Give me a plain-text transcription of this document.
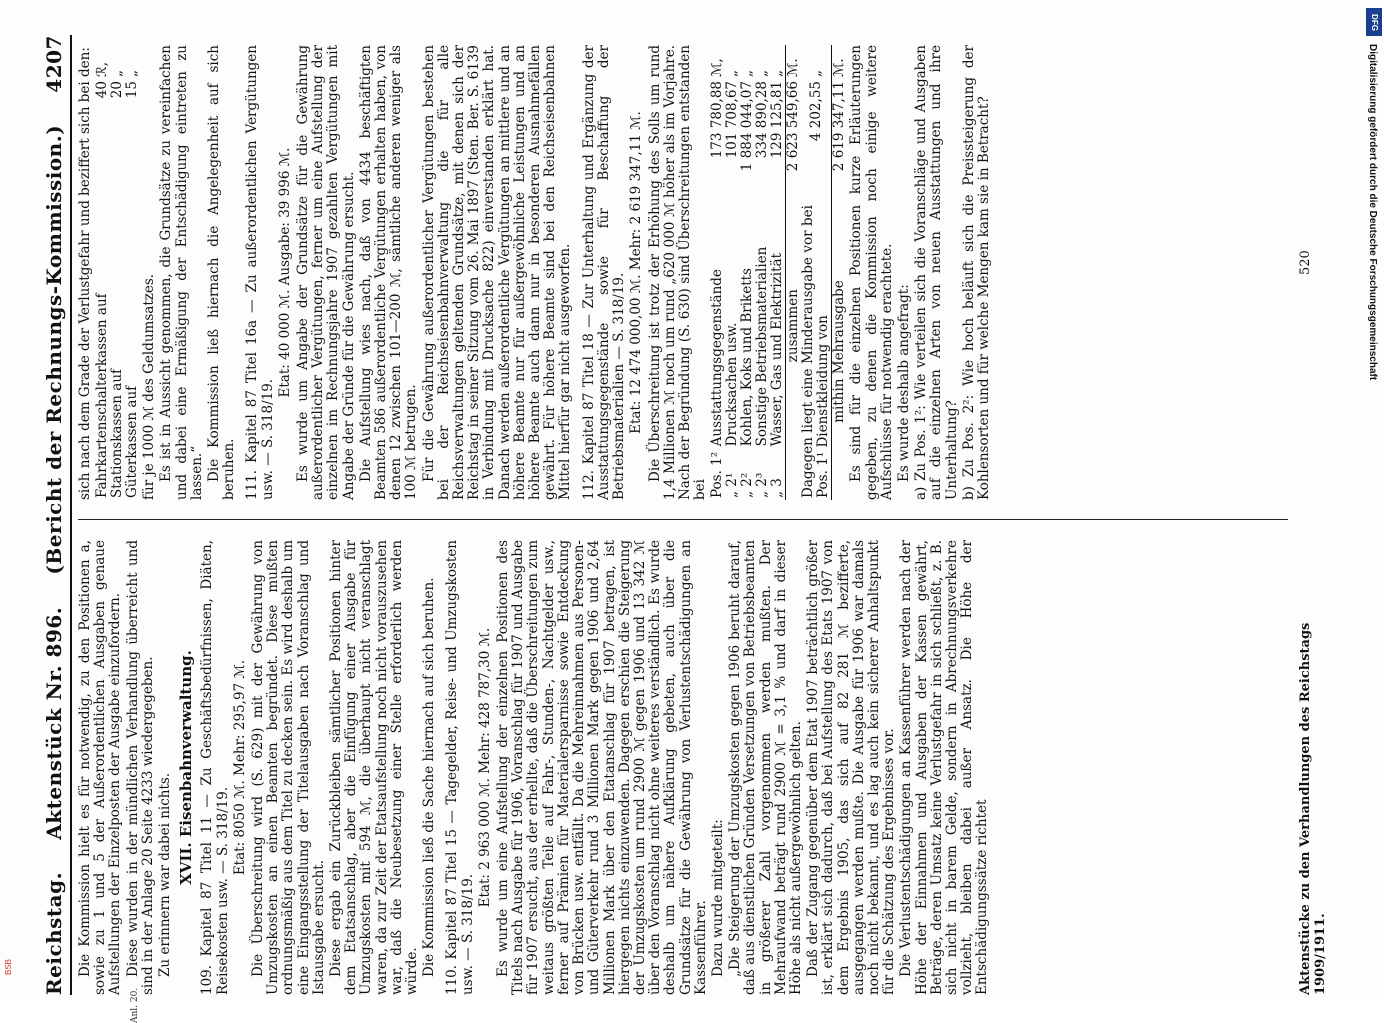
Reichstag.
Aktenstück Nr. 896.
(Bericht der Rechnungs-Kommission.)
4207

Die Kommission hielt es für notwendig, zu den Positionen a, sowie zu 1 und 5 der Außerordentlichen Ausgaben genaue Aufstellungen der Einzelposten der Ausgabe einzufordern. Diese wurden in der mündlichen Verhandlung überreicht und sind in der Anlage 20 Seite 4233 wiedergegeben. Zu erinnern war dabei nichts. XVII. Eisenbahnverwaltung. 109. Kapitel 87 Titel 11 — Zu Geschäftsbedürfnissen, Diäten, Reisekosten usw. — S. 318/19.

Etat: 8050 ℳ. Mehr: 295,97 ℳ. Die Überschreitung wird (S. 629) mit der Gewährung von Umzugskosten an einen Beamten begründet. Diese mußten ordnungsmäßig aus dem Titel zu decken sein. Es wird deshalb um eine Eingangsstellung der Titelausgaben nach Voranschlag und Istausgabe ersucht. Diese ergab ein Zurückbleiben sämtlicher Positionen hinter dem Etatsanschlag, aber die Einfügung einer Ausgabe für Umzugskosten mit 594 ℳ, die überhaupt nicht veranschlagt waren, da zur Zeit der Etatsaufstellung noch nicht vorauszusehen war, daß die Neubesetzung einer Stelle erforderlich werden würde. Die Kommission ließ die Sache hiernach auf sich beruhen. 110. Kapitel 87 Titel 15 — Tagegelder, Reise- und Umzugskosten usw. — S. 318/19.

Etat: 2 963 000 ℳ. Mehr: 428 787,30 ℳ. Es wurde um eine Aufstellung der einzelnen Positionen des Titels nach Ausgabe für 1906, Voranschlag für 1907 und Ausgabe für 1907 ersucht, aus der erhellte, daß die Überschreitungen zum weitaus größten Teile auf Fahr-, Stunden-, Nachtgelder usw., ferner auf Prämien für Materialersparnisse sowie Entdeckung von Brücken usw. entfällt. Da die Mehreinnahmen aus Personen- und Güterverkehr rund 3 Millionen Mark gegen 1906 und 2,64 Millionen Mark über den Etatanschlag für 1907 betragen, ist hiergegen nichts einzuwenden. Dagegen erschien die Steigerung der Umzugskosten um rund 2900 ℳ gegen 1906 und 13 342 ℳ über den Voranschlag nicht ohne weiteres verständlich. Es wurde deshalb um nähere Aufklärung gebeten, auch über die Grundsätze für die Gewährung von Verlustentschädigungen an Kassenführer. Dazu wurde mitgeteilt: „Die Steigerung der Umzugskosten gegen 1906 beruht darauf, daß aus dienstlichen Gründen Versetzungen von Betriebsbeamten in größerer Zahl vorgenommen werden mußten. Der Mehraufwand beträgt rund 2900 ℳ = 3,1 % und darf in dieser Höhe als nicht außergewöhnlich gelten. Daß der Zugang gegenüber dem Etat 1907 beträchtlich größer ist, erklärt sich dadurch, daß bei Aufstellung des Etats 1907 von dem Ergebnis 1905, das sich auf 82 281 ℳ bezifferte, ausgegangen werden mußte. Die Ausgabe für 1906 war damals noch nicht bekannt, und es lag auch kein sicherer Anhaltspunkt für die Schätzung des Ergebnisses vor. Die Verlustentschädigungen an Kassenführer werden nach der Höhe der Einnahmen und Ausgaben der Kassen gewährt, Beträge, deren Umsatz keine Verlustgefahr in sich schließt, z. B. sich nicht in barem Gelde, sondern in Abrechnungsverkehre vollzieht, bleiben dabei außer Ansatz. Die Höhe der Entschädigungssätze richtet

Anl. 20.

sich nach dem Grade der Verlustgefahr und beziffert sich bei den: Fahrkartenschalterkassen auf	40	ℛ,
Stationskassen auf	20	„
Güterkassen auf	15	„

für je 1000 ℳ des Geldumsatzes. Es ist in Aussicht genommen, die Grundsätze zu vereinfachen und dabei eine Ermäßigung der Entschädigung eintreten zu lassen.“ Die Kommission ließ hiernach die Angelegenheit auf sich beruhen. 111. Kapitel 87 Titel 16a — Zu außerordentlichen Vergütungen usw. — S. 318/19.

Etat: 40 000 ℳ. Ausgabe: 39 996 ℳ. Es wurde um Angabe der Grundsätze für die Gewährung außerordentlicher Vergütungen, ferner um eine Aufstellung der einzelnen im Rechnungsjahre 1907 gezahlten Vergütungen mit Angabe der Gründe für die Gewährung ersucht. Die Aufstellung wies nach, daß von 4434 beschäftigten Beamten 586 außerordentliche Vergütungen erhalten haben, von denen 12 zwischen 101—200 ℳ, sämtliche anderen weniger als 100 ℳ betrugen. Für die Gewährung außerordentlicher Vergütungen bestehen bei der Reichseisenbahnverwaltung die für alle Reichsverwaltungen geltenden Grundsätze, mit denen sich der Reichstag in seiner Sitzung vom 26. Mai 1897 (Sten. Ber. S. 6139 in Verbindung mit Drucksache 822) einverstanden erklärt hat. Danach werden außerordentliche Vergütungen an mittlere und an höhere Beamte nur für außergewöhnliche Leistungen und an höhere Beamte auch dann nur in besonderen Ausnahmefällen gewährt. Für höhere Beamte sind bei den Reichseisenbahnen Mittel hierfür gar nicht ausgeworfen. 112. Kapitel 87 Titel 18 — Zur Unterhaltung und Ergänzung der Ausstattungsgegenstände sowie für Beschaffung der Betriebsmaterialien — S. 318/19. Etat: 12 474 000,00 ℳ. Mehr: 2 619 347,11 ℳ. Die Überschreitung ist trotz der Erhöhung des Solls um rund 1,4 Millionen ℳ noch um rund „620 000 ℳ höher als im Vorjahre. Nach der Begründung (S. 630) sind Überschreitungen entstanden bei Pos. 1²	Ausstattungsgegenstände	173 780,88	ℳ,
„ 2¹	Drucksachen usw.	101 708,67	„
„ 2²	Kohlen, Koks und Briketts	1 884 044,07	„
„ 2³	Sonstige Betriebsmaterialien	334 890,28	„
„ 3	Wasser, Gas und Elektrizität	129 125,81	„
	zusammen	2 623 549,66	ℳ.
Dagegen liegt eine Minderausgabe vor bei Pos. 1¹ Dienstkleidung von		4 202,55	„
mithin Mehrausgabe		2 619 347,11	ℳ. Es sind für die einzelnen Positionen kurze Erläuterungen gegeben, zu denen die Kommission noch einige weitere Aufschlüsse für notwendig erachtete. Es wurde deshalb angefragt: a) Zu Pos. 1²: Wie verteilen sich die Voranschläge und Ausgaben auf die einzelnen Arten von neuen Ausstattungen und ihre Unterhaltung? b) Zu Pos. 2²: Wie hoch beläuft sich die Preissteigerung der Kohlensorten und für welche Mengen kam sie in Betracht?

Aktenstücke zu den Verhandlungen des Reichstags 1909/1911.
520
DFG
Digitalisierung gefördert durch die Deutsche Forschungsgemeinschaft
BSB
